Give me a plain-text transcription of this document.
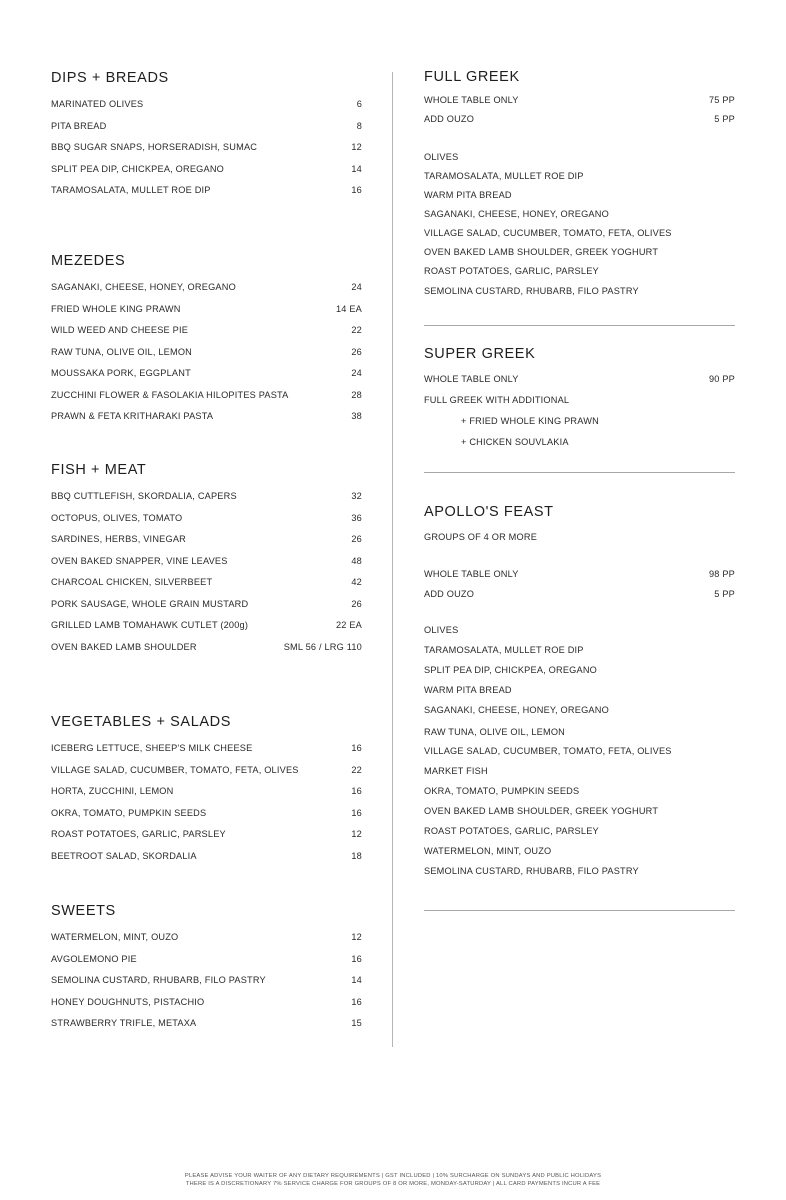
DIPS + BREADS
MARINATED OLIVES	6
PITA BREAD	8
BBQ SUGAR SNAPS, HORSERADISH, SUMAC	12
SPLIT PEA DIP, CHICKPEA, OREGANO	14
TARAMOSALATA, MULLET ROE DIP	16
MEZEDES
SAGANAKI, CHEESE, HONEY, OREGANO	24
FRIED WHOLE KING PRAWN	14 EA
WILD WEED AND CHEESE PIE	22
RAW TUNA, OLIVE OIL, LEMON	26
MOUSSAKA PORK, EGGPLANT	24
ZUCCHINI FLOWER & FASOLAKIA HILOPITES PASTA	28
PRAWN & FETA KRITHARAKI PASTA	38
FISH + MEAT
BBQ CUTTLEFISH, SKORDALIA, CAPERS	32
OCTOPUS, OLIVES, TOMATO	36
SARDINES, HERBS, VINEGAR	26
OVEN BAKED SNAPPER, VINE LEAVES	48
CHARCOAL CHICKEN, SILVERBEET	42
PORK SAUSAGE, WHOLE GRAIN MUSTARD	26
GRILLED LAMB TOMAHAWK CUTLET (200g)	22 EA
OVEN BAKED LAMB SHOULDER	SML 56 / LRG 110
VEGETABLES + SALADS
ICEBERG LETTUCE, SHEEP'S MILK CHEESE	16
VILLAGE SALAD, CUCUMBER, TOMATO, FETA, OLIVES	22
HORTA, ZUCCHINI, LEMON	16
OKRA, TOMATO, PUMPKIN SEEDS	16
ROAST POTATOES, GARLIC, PARSLEY	12
BEETROOT SALAD, SKORDALIA	18
SWEETS
WATERMELON, MINT, OUZO	12
AVGOLEMONO PIE	16
SEMOLINA CUSTARD, RHUBARB, FILO PASTRY	14
HONEY DOUGHNUTS, PISTACHIO	16
STRAWBERRY TRIFLE, METAXA	15
FULL GREEK
WHOLE TABLE ONLY	75 PP
ADD OUZO	5 PP
OLIVES
TARAMOSALATA, MULLET ROE DIP
WARM PITA BREAD
SAGANAKI, CHEESE, HONEY, OREGANO
VILLAGE SALAD, CUCUMBER, TOMATO, FETA, OLIVES
OVEN BAKED LAMB SHOULDER, GREEK YOGHURT
ROAST POTATOES, GARLIC, PARSLEY
SEMOLINA CUSTARD, RHUBARB, FILO PASTRY
SUPER GREEK
WHOLE TABLE ONLY	90 PP
FULL GREEK WITH ADDITIONAL
+ FRIED WHOLE KING PRAWN
+ CHICKEN SOUVLAKIA
APOLLO'S FEAST
GROUPS OF 4 OR MORE
WHOLE TABLE ONLY	98 PP
ADD OUZO	5 PP
OLIVES
TARAMOSALATA, MULLET ROE DIP
SPLIT PEA DIP, CHICKPEA, OREGANO
WARM PITA BREAD
SAGANAKI, CHEESE, HONEY, OREGANO
RAW TUNA, OLIVE OIL, LEMON
VILLAGE SALAD, CUCUMBER, TOMATO, FETA, OLIVES
MARKET FISH
OKRA, TOMATO, PUMPKIN SEEDS
OVEN BAKED LAMB SHOULDER, GREEK YOGHURT
ROAST POTATOES, GARLIC, PARSLEY
WATERMELON, MINT, OUZO
SEMOLINA CUSTARD, RHUBARB, FILO PASTRY
PLEASE ADVISE YOUR WAITER OF ANY DIETARY REQUIREMENTS | GST INCLUDED | 10% SURCHARGE ON SUNDAYS AND PUBLIC HOLIDAYS
THERE IS A DISCRETIONARY 7% SERVICE CHARGE FOR GROUPS OF 8 OR MORE, MONDAY-SATURDAY | ALL CARD PAYMENTS INCUR A FEE
